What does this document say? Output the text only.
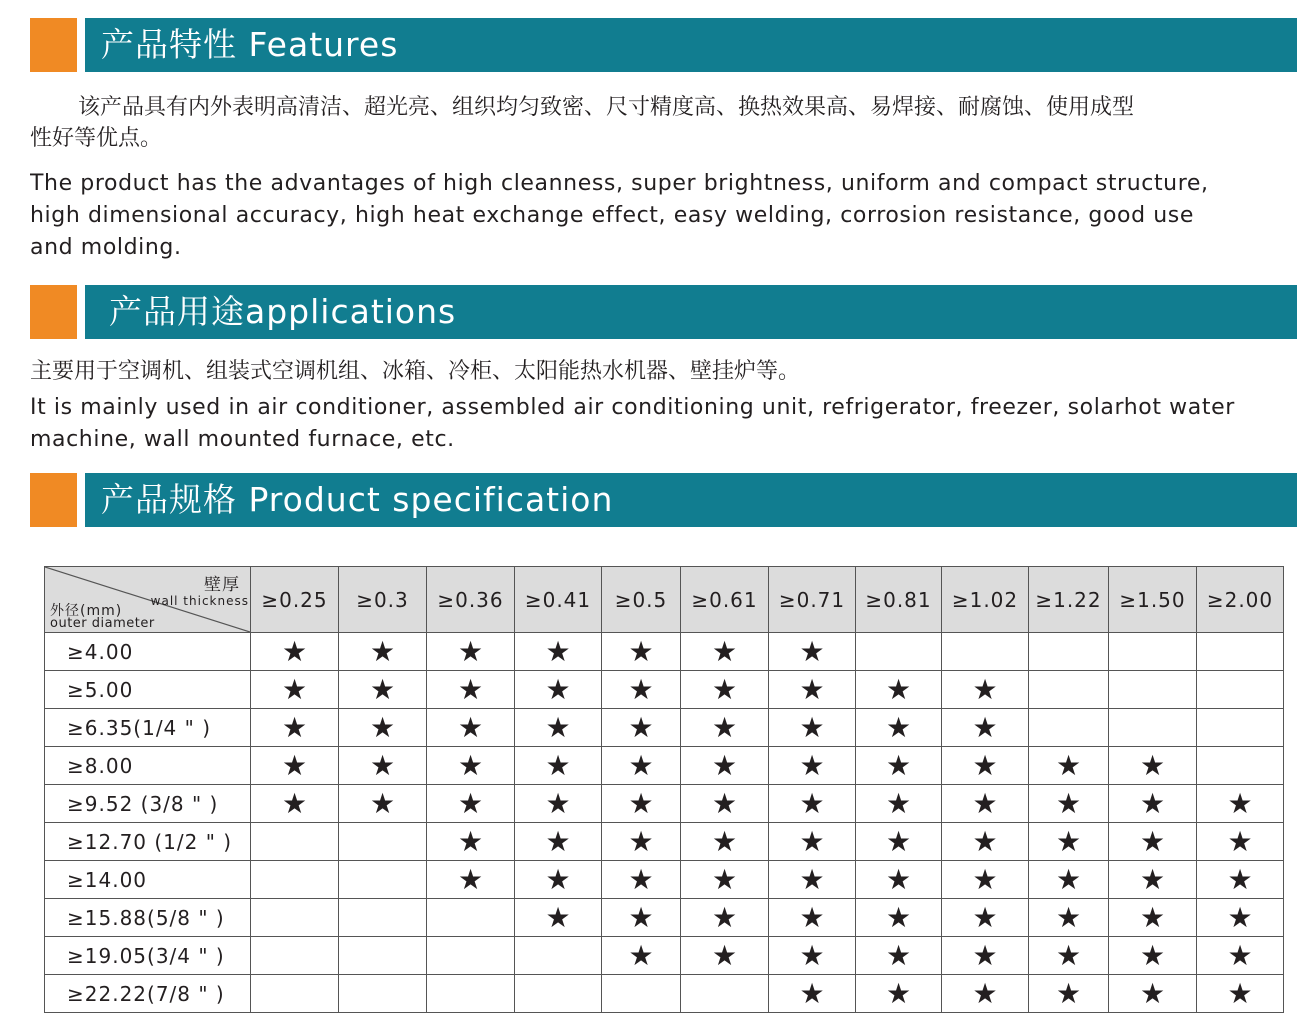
产品特性 Features

该产品具有内外表明高清洁、超光亮、组织均匀致密、尺寸精度高、换热效果高、易焊接、耐腐蚀、使用成型

性好等优点。

The product has the advantages of high cleanness, super brightness, uniform and compact structure,

high dimensional accuracy, high heat exchange effect, easy welding, corrosion resistance, good use

and molding.

产品用途applications

主要用于空调机、组装式空调机组、冰箱、冷柜、太阳能热水机器、壁挂炉等。

It is mainly used in air conditioner, assembled air conditioning unit, refrigerator, freezer, solarhot water

machine, wall mounted furnace, etc.

产品规格 Product specification
壁厚
wall thickness
外径(mm)
outer diameter	≥0.25	≥0.3	≥0.36	≥0.41	≥0.5	≥0.61	≥0.71	≥0.81	≥1.02	≥1.22	≥1.50	≥2.00
≥4.00	★	★	★	★	★	★	★					
≥5.00	★	★	★	★	★	★	★	★	★			
≥6.35(1/4 " )	★	★	★	★	★	★	★	★	★			
≥8.00	★	★	★	★	★	★	★	★	★	★	★	
≥9.52 (3/8 " )	★	★	★	★	★	★	★	★	★	★	★	★
≥12.70 (1/2 " )			★	★	★	★	★	★	★	★	★	★
≥14.00			★	★	★	★	★	★	★	★	★	★
≥15.88(5/8 " )				★	★	★	★	★	★	★	★	★
≥19.05(3/4 " )					★	★	★	★	★	★	★	★
≥22.22(7/8 " )							★	★	★	★	★	★
